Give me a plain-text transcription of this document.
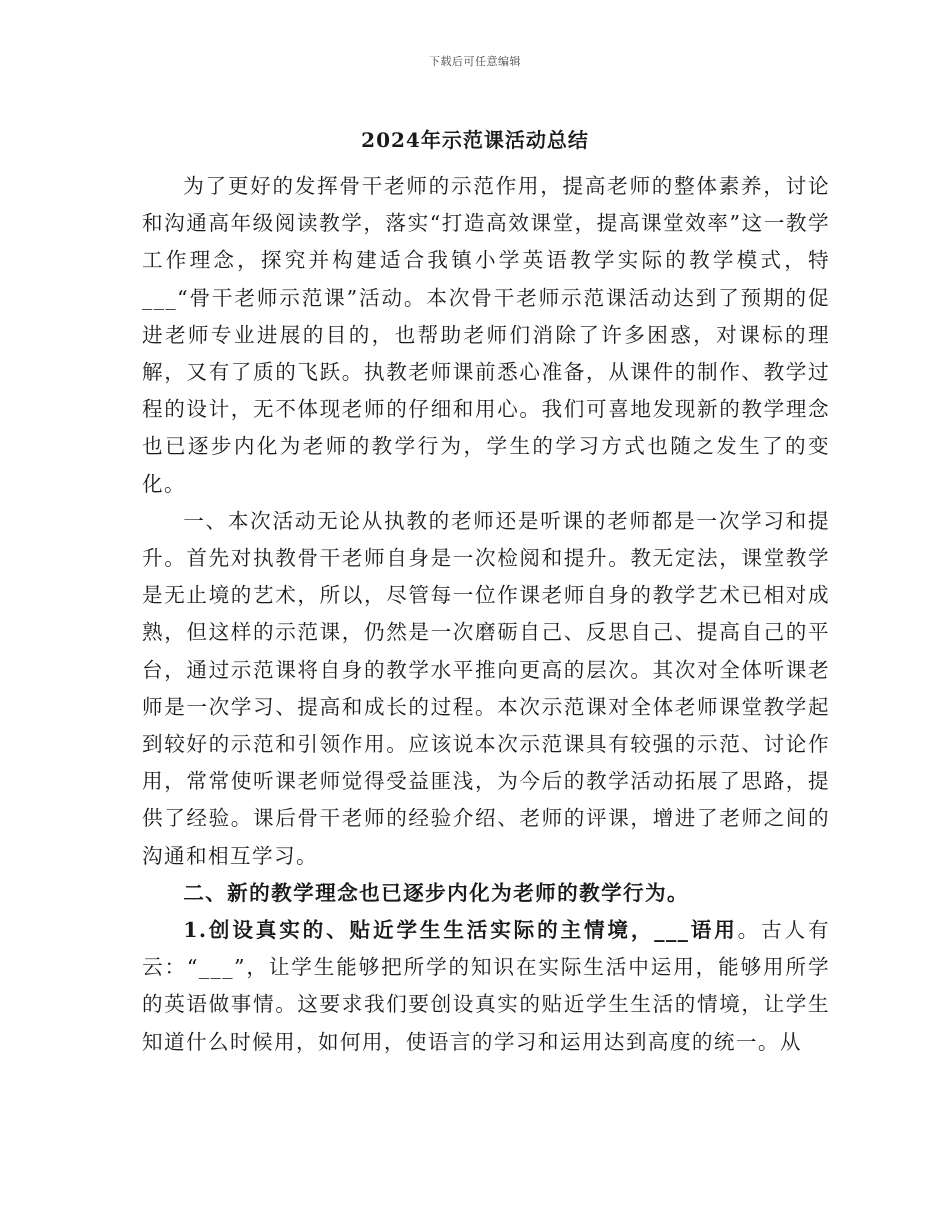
下载后可任意编辑
2024年示范课活动总结

为了更好的发挥骨干老师的示范作用，提高老师的整体素养，讨论和沟通高年级阅读教学，落实“打造高效课堂，提高课堂效率”这一教学工作理念，探究并构建适合我镇小学英语教学实际的教学模式，特___“骨干老师示范课”活动。本次骨干老师示范课活动达到了预期的促进老师专业进展的目的，也帮助老师们消除了许多困惑，对课标的理解，又有了质的飞跃。执教老师课前悉心准备，从课件的制作、教学过程的设计，无不体现老师的仔细和用心。我们可喜地发现新的教学理念也已逐步内化为老师的教学行为，学生的学习方式也随之发生了的变化。

一、本次活动无论从执教的老师还是听课的老师都是一次学习和提升。首先对执教骨干老师自身是一次检阅和提升。教无定法，课堂教学是无止境的艺术，所以，尽管每一位作课老师自身的教学艺术已相对成熟，但这样的示范课，仍然是一次磨砺自己、反思自己、提高自己的平台，通过示范课将自身的教学水平推向更高的层次。其次对全体听课老师是一次学习、提高和成长的过程。本次示范课对全体老师课堂教学起到较好的示范和引领作用。应该说本次示范课具有较强的示范、讨论作用，常常使听课老师觉得受益匪浅，为今后的教学活动拓展了思路，提供了经验。课后骨干老师的经验介绍、老师的评课，增进了老师之间的沟通和相互学习。

二、新的教学理念也已逐步内化为老师的教学行为。

1.创设真实的、贴近学生生活实际的主情境，___语用。古人有云：“___”，让学生能够把所学的知识在实际生活中运用，能够用所学的英语做事情。这要求我们要创设真实的贴近学生生活的情境，让学生知道什么时候用，如何用，使语言的学习和运用达到高度的统一。从
